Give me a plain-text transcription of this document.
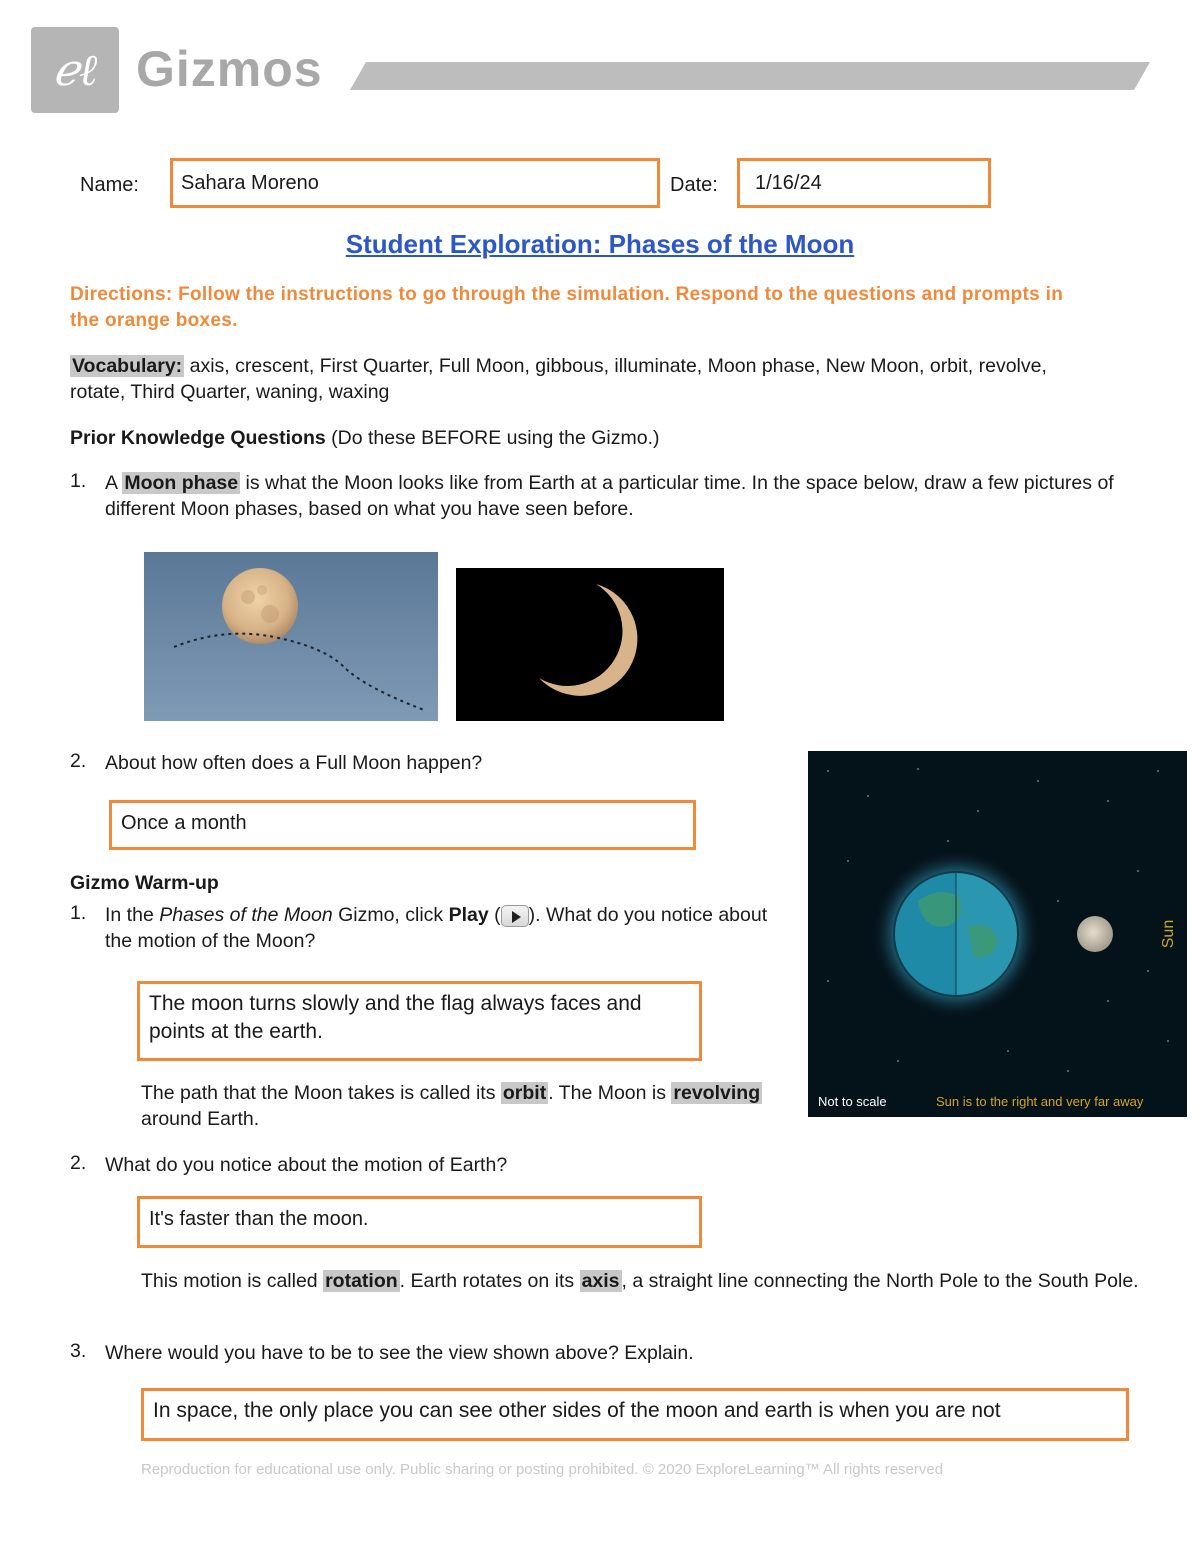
ℯℓ Gizmos
Name:	Sahara Moreno	Date:	1/16/24
Student Exploration: Phases of the Moon
Directions: Follow the instructions to go through the simulation. Respond to the questions and prompts in the orange boxes.
Vocabulary: axis, crescent, First Quarter, Full Moon, gibbous, illuminate, Moon phase, New Moon, orbit, revolve, rotate, Third Quarter, waning, waxing
Prior Knowledge Questions (Do these BEFORE using the Gizmo.)
1. A Moon phase is what the Moon looks like from Earth at a particular time. In the space below, draw a few pictures of different Moon phases, based on what you have seen before.
2. About how often does a Full Moon happen?
Once a month
Sun
Not to scale	Sun is to the right and very far away
Gizmo Warm-up
1. In the Phases of the Moon Gizmo, click Play ( ). What do you notice about the motion of the Moon?
The moon turns slowly and the flag always faces and points at the earth.
The path that the Moon takes is called its orbit . The Moon is revolving around Earth.
2. What do you notice about the motion of Earth?
It's faster than the moon.
This motion is called rotation . Earth rotates on its axis , a straight line connecting the North Pole to the South Pole.
3. Where would you have to be to see the view shown above? Explain.
In space, the only place you can see other sides of the moon and earth is when you are not
Reproduction for educational use only. Public sharing or posting prohibited. © 2020 ExploreLearning™ All rights reserved
